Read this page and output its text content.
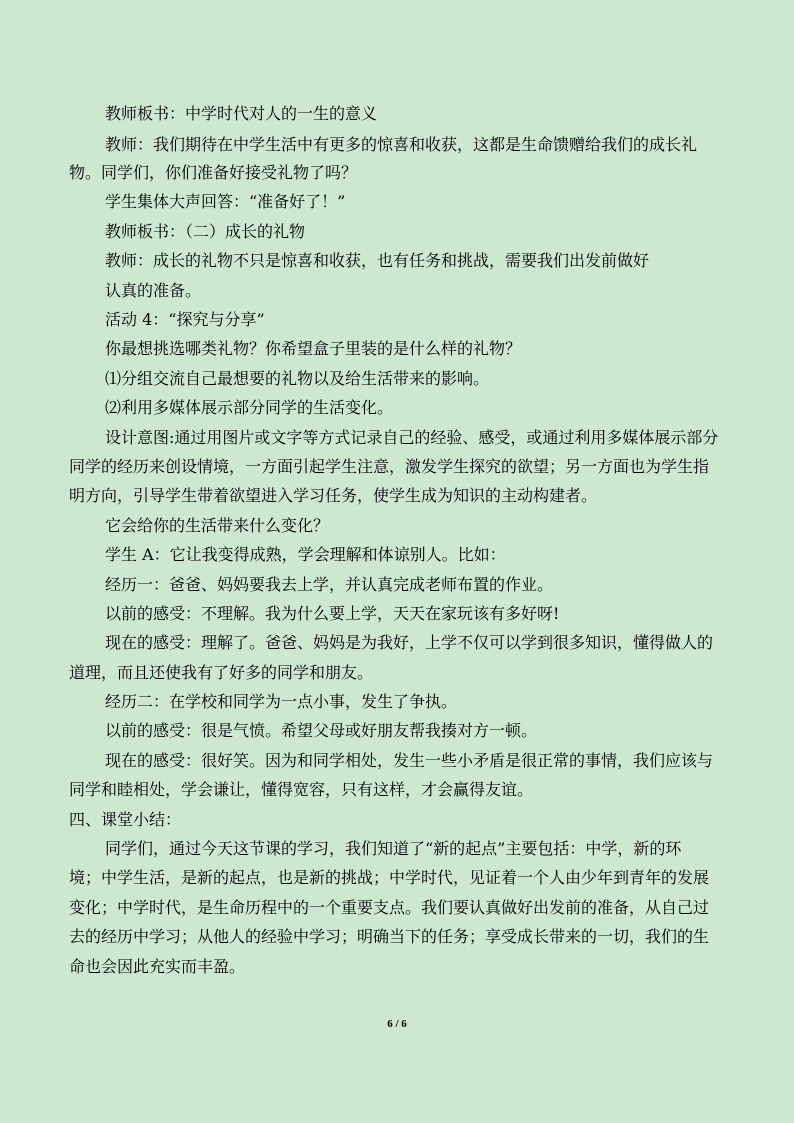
教师板书：中学时代对人的一生的意义
教师：我们期待在中学生活中有更多的惊喜和收获，这都是生命馈赠给我们的成长礼
物。同学们，你们准备好接受礼物了吗？
学生集体大声回答：“准备好了！”
教师板书：（二）成长的礼物
教师：成长的礼物不只是惊喜和收获，也有任务和挑战，需要我们出发前做好
认真的准备。
活动 4：“探究与分享”
你最想挑选哪类礼物？你希望盒子里装的是什么样的礼物？
⑴分组交流自己最想要的礼物以及给生活带来的影响。
⑵利用多媒体展示部分同学的生活变化。
设计意图:通过用图片或文字等方式记录自己的经验、感受，或通过利用多媒体展示部分
同学的经历来创设情境，一方面引起学生注意，激发学生探究的欲望；另一方面也为学生指
明方向，引导学生带着欲望进入学习任务，使学生成为知识的主动构建者。
它会给你的生活带来什么变化？
学生 A：它让我变得成熟，学会理解和体谅别人。比如：
经历一：爸爸、妈妈要我去上学，并认真完成老师布置的作业。
以前的感受：不理解。我为什么要上学，天天在家玩该有多好呀!
现在的感受：理解了。爸爸、妈妈是为我好，上学不仅可以学到很多知识，懂得做人的
道理，而且还使我有了好多的同学和朋友。
经历二：在学校和同学为一点小事，发生了争执。
以前的感受：很是气愤。希望父母或好朋友帮我揍对方一顿。
现在的感受：很好笑。因为和同学相处，发生一些小矛盾是很正常的事情，我们应该与
同学和睦相处，学会谦让，懂得宽容，只有这样，才会赢得友谊。
四、课堂小结：
同学们，通过今天这节课的学习，我们知道了“新的起点”主要包括：中学，新的环
境；中学生活，是新的起点，也是新的挑战；中学时代，见证着一个人由少年到青年的发展
变化；中学时代，是生命历程中的一个重要支点。我们要认真做好出发前的准备，从自己过
去的经历中学习；从他人的经验中学习；明确当下的任务；享受成长带来的一切，我们的生
命也会因此充实而丰盈。
6 / 6
